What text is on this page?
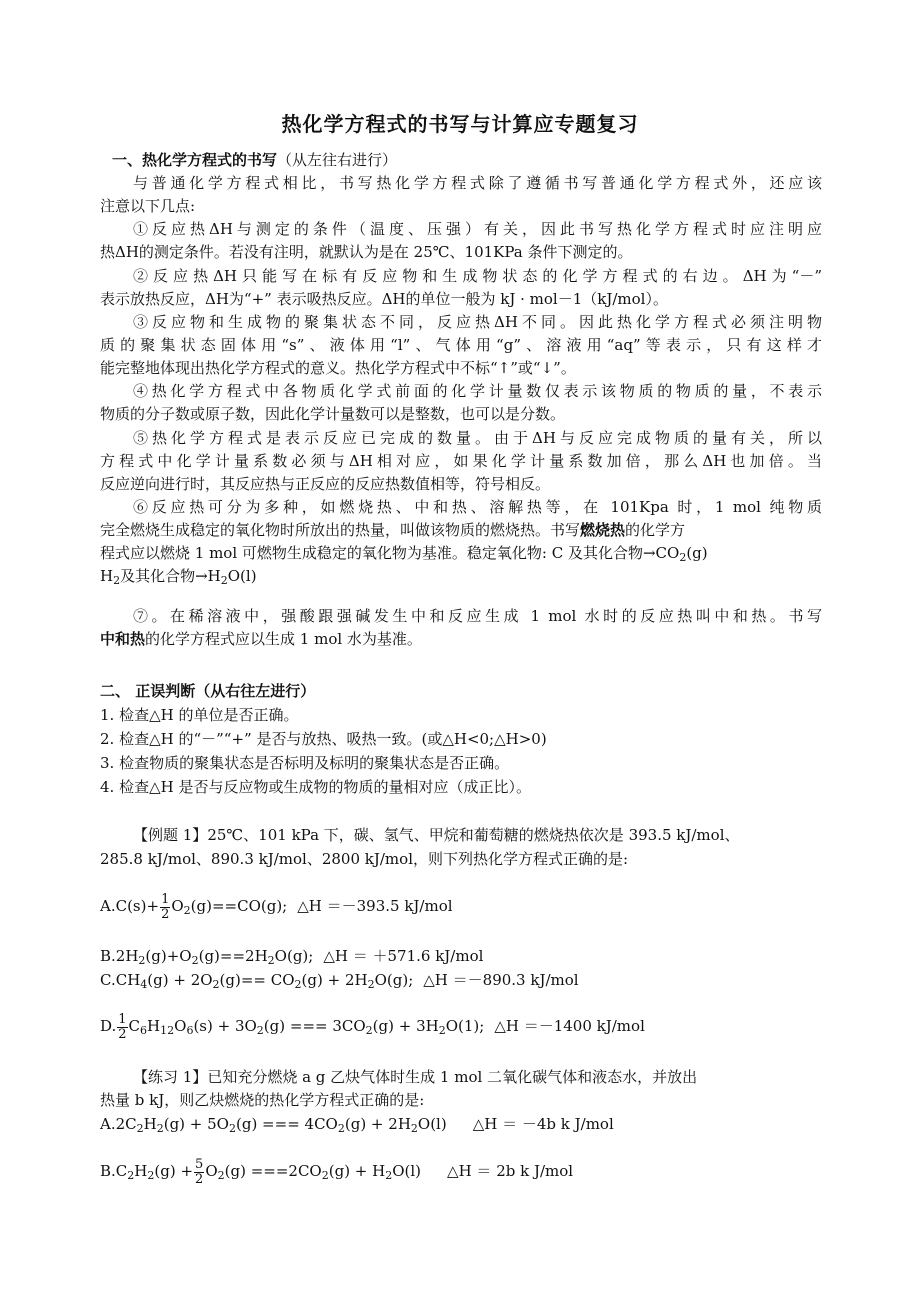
热化学方程式的书写与计算应专题复习
一、热化学方程式的书写（从左往右进行）
与普通化学方程式相比，书写热化学方程式除了遵循书写普通化学方程式外，还应该
注意以下几点:
①反应热ΔH与测定的条件（温度、压强）有关，因此书写热化学方程式时应注明应
热ΔH的测定条件。若没有注明，就默认为是在 25℃、101KPa 条件下测定的。
②反应热ΔH只能写在标有反应物和生成物状态的化学方程式的右边。ΔH为“－”
表示放热反应，ΔH为“+” 表示吸热反应。ΔH的单位一般为 kJ · mol－1（kJ/mol）。
③反应物和生成物的聚集状态不同，反应热ΔH不同。因此热化学方程式必须注明物
质的聚集状态固体用“s”、液体用“l”、气体用“g”、溶液用“aq”等表示，只有这样才
能完整地体现出热化学方程式的意义。热化学方程式中不标“↑”或“↓”。
④热化学方程式中各物质化学式前面的化学计量数仅表示该物质的物质的量，不表示
物质的分子数或原子数，因此化学计量数可以是整数，也可以是分数。
⑤热化学方程式是表示反应已完成的数量。由于ΔH与反应完成物质的量有关，所以
方程式中化学计量系数必须与ΔH相对应，如果化学计量系数加倍，那么ΔH也加倍。当
反应逆向进行时，其反应热与正反应的反应热数值相等，符号相反。
⑥反应热可分为多种，如燃烧热、中和热、溶解热等，在 101Kpa 时，1 mol 纯物质
完全燃烧生成稳定的氧化物时所放出的热量，叫做该物质的燃烧热。书写燃烧热的化学方
程式应以燃烧 1 mol 可燃物生成稳定的氧化物为基准。稳定氧化物: C 及其化合物$\to CO_2(g)$
$H_2$及其化合物$\to H_2O(l)$
⑦。在稀溶液中，强酸跟强碱发生中和反应生成 1 mol 水时的反应热叫中和热。书写
中和热的化学方程式应以生成 1 mol 水为基准。
二、 正误判断（从右往左进行）
1. 检查△H 的单位是否正确。
2. 检查△H 的“－”“+” 是否与放热、吸热一致。(或△H<0;△H>0)
3. 检查物质的聚集状态是否标明及标明的聚集状态是否正确。
4. 检查△H 是否与反应物或生成物的物质的量相对应（成正比）。
【例题 1】25℃、101 kPa 下，碳、氢气、甲烷和葡萄糖的燃烧热依次是 393.5 kJ/mol、
285.8 kJ/mol、890.3 kJ/mol、2800 kJ/mol，则下列热化学方程式正确的是:
$A.C(s)+ \frac{1}{2} O_2(g)==CO(g)$; △H ＝－393.5 kJ/mol
$B.2H_2(g)+O_2(g)==2H_2O(g)$; △H ＝ ＋571.6 kJ/mol
$C.CH_4(g) + 2O_2(g)== CO_2(g) + 2H_2O(g)$; △H ＝－890.3 kJ/mol
D. $\frac{1}{2} C_6H_{12}O_6(s) + 3O_2(g)$ === $3CO_2(g) + 3H_2O(1)$; △H ＝－1400 kJ/mol
【练习 1】已知充分燃烧 a g 乙炔气体时生成 1 mol 二氧化碳气体和液态水，并放出
热量 b kJ，则乙炔燃烧的热化学方程式正确的是:
$A.2C_2H_2(g) + 5O_2(g)$ === $4CO_2(g) + 2H_2O(l)$ △H ＝ －4b k J/mol
$B.C_2H_2(g) + \frac{5}{2} O_2(g) ===2CO_2(g) + H_2O(l)$ △H ＝ 2b k J/mol
